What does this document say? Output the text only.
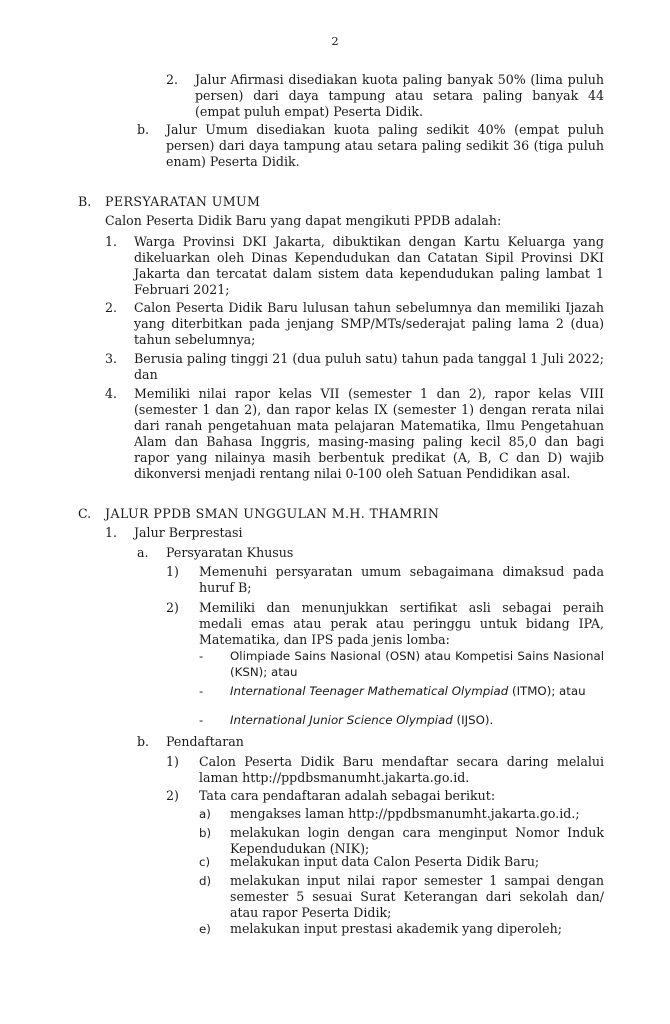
2
2. Jalur Afirmasi disediakan kuota paling banyak 50% (lima puluh persen) dari daya tampung atau setara paling banyak 44 (empat puluh empat) Peserta Didik.
b. Jalur Umum disediakan kuota paling sedikit 40% (empat puluh persen) dari daya tampung atau setara paling sedikit 36 (tiga puluh enam) Peserta Didik.
B. PERSYARATAN UMUM
Calon Peserta Didik Baru yang dapat mengikuti PPDB adalah:
1. Warga Provinsi DKI Jakarta, dibuktikan dengan Kartu Keluarga yang dikeluarkan oleh Dinas Kependudukan dan Catatan Sipil Provinsi DKI Jakarta dan tercatat dalam sistem data kependudukan paling lambat 1 Februari 2021;
2. Calon Peserta Didik Baru lulusan tahun sebelumnya dan memiliki Ijazah yang diterbitkan pada jenjang SMP/MTs/sederajat paling lama 2 (dua) tahun sebelumnya;
3. Berusia paling tinggi 21 (dua puluh satu) tahun pada tanggal 1 Juli 2022; dan
4. Memiliki nilai rapor kelas VII (semester 1 dan 2), rapor kelas VIII (semester 1 dan 2), dan rapor kelas IX (semester 1) dengan rerata nilai dari ranah pengetahuan mata pelajaran Matematika, Ilmu Pengetahuan Alam dan Bahasa Inggris, masing-masing paling kecil 85,0 dan bagi rapor yang nilainya masih berbentuk predikat (A, B, C dan D) wajib dikonversi menjadi rentang nilai 0-100 oleh Satuan Pendidikan asal.
C. JALUR PPDB SMAN UNGGULAN M.H. THAMRIN
1. Jalur Berprestasi
a. Persyaratan Khusus
1) Memenuhi persyaratan umum sebagaimana dimaksud pada huruf B;
2) Memiliki dan menunjukkan sertifikat asli sebagai peraih medali emas atau perak atau peringgu untuk bidang IPA, Matematika, dan IPS pada jenis lomba:
- Olimpiade Sains Nasional (OSN) atau Kompetisi Sains Nasional (KSN); atau
- International Teenager Mathematical Olympiad (ITMO); atau
- International Junior Science Olympiad (IJSO).
b. Pendaftaran
1) Calon Peserta Didik Baru mendaftar secara daring melalui laman http://ppdbsmanumht.jakarta.go.id.
2) Tata cara pendaftaran adalah sebagai berikut:
a) mengakses laman http://ppdbsmanumht.jakarta.go.id.;
b) melakukan login dengan cara menginput Nomor Induk Kependudukan (NIK);
c) melakukan input data Calon Peserta Didik Baru;
d) melakukan input nilai rapor semester 1 sampai dengan semester 5 sesuai Surat Keterangan dari sekolah dan/ atau rapor Peserta Didik;
e) melakukan input prestasi akademik yang diperoleh;
